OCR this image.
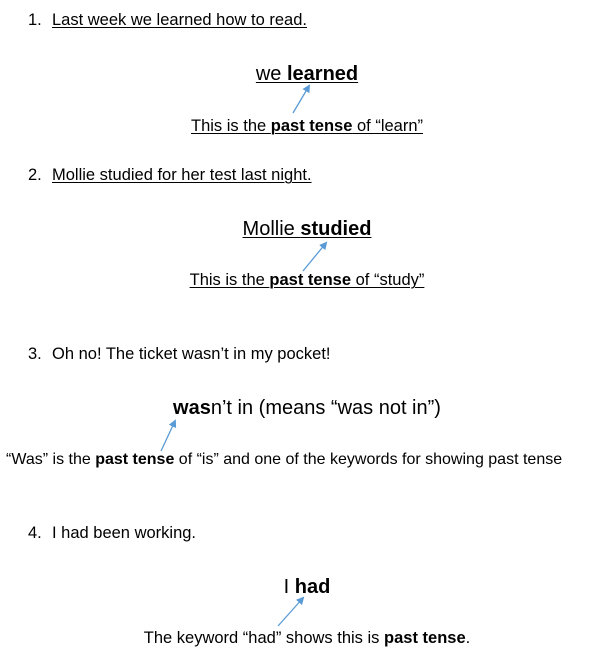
1. Last week we learned how to read.
we learned
This is the past tense of “learn”
2. Mollie studied for her test last night.
Mollie studied
This is the past tense of “study”
3. Oh no! The ticket wasn’t in my pocket!
wasn’t in (means “was not in”)
“Was” is the past tense of “is” and one of the keywords for showing past tense
4. I had been working.
I had
The keyword “had” shows this is past tense.
